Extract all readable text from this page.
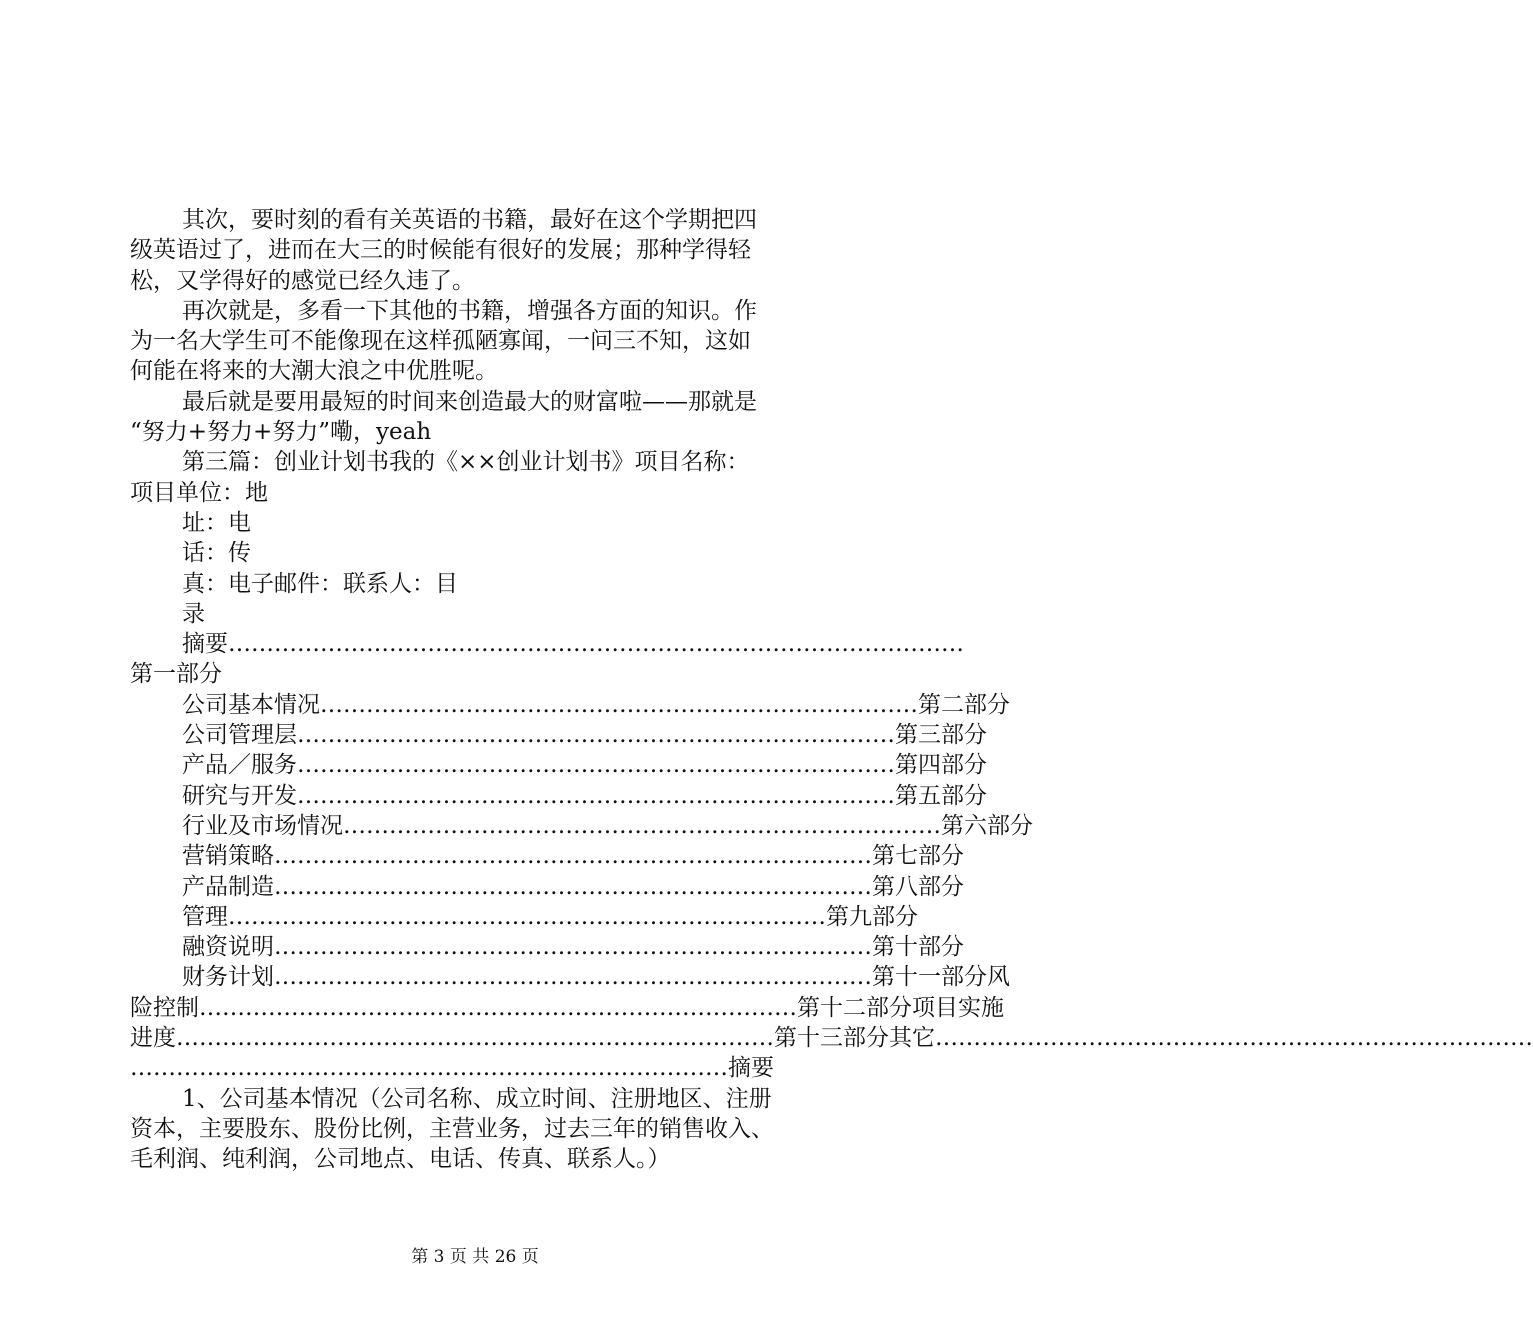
其次，要时刻的看有关英语的书籍，最好在这个学期把四
级英语过了，进而在大三的时候能有很好的发展；那种学得轻
松，又学得好的感觉已经久违了。
再次就是，多看一下其他的书籍，增强各方面的知识。作
为一名大学生可不能像现在这样孤陋寡闻，一问三不知，这如
何能在将来的大潮大浪之中优胜呢。
最后就是要用最短的时间来创造最大的财富啦——那就是
“努力+努力+努力”嘞，yeah
第三篇：创业计划书我的《××创业计划书》项目名称：
项目单位：地
址：电
话：传
真：电子邮件：联系人：目
录
摘要 ……………………………………………………………………………………
第一部分
公司基本情况 …………………………………………………………………… 第二部分
公司管理层 …………………………………………………………………… 第三部分
产品／服务 …………………………………………………………………… 第四部分
研究与开发 …………………………………………………………………… 第五部分
行业及市场情况 …………………………………………………………………… 第六部分
营销策略 …………………………………………………………………… 第七部分
产品制造 …………………………………………………………………… 第八部分
管理 …………………………………………………………………… 第九部分
融资说明 …………………………………………………………………… 第十部分
财务计划 …………………………………………………………………… 第十一部分风
险控制 …………………………………………………………………… 第十二部分项目实施
进度 …………………………………………………………………… 第十三部分其它 ……………………………………………………………………
…………………………………………………………………… 摘要
1、公司基本情况（公司名称、成立时间、注册地区、注册
资本，主要股东、股份比例，主营业务，过去三年的销售收入、
毛利润、纯利润，公司地点、电话、传真、联系人。）
第 3 页 共 26 页
